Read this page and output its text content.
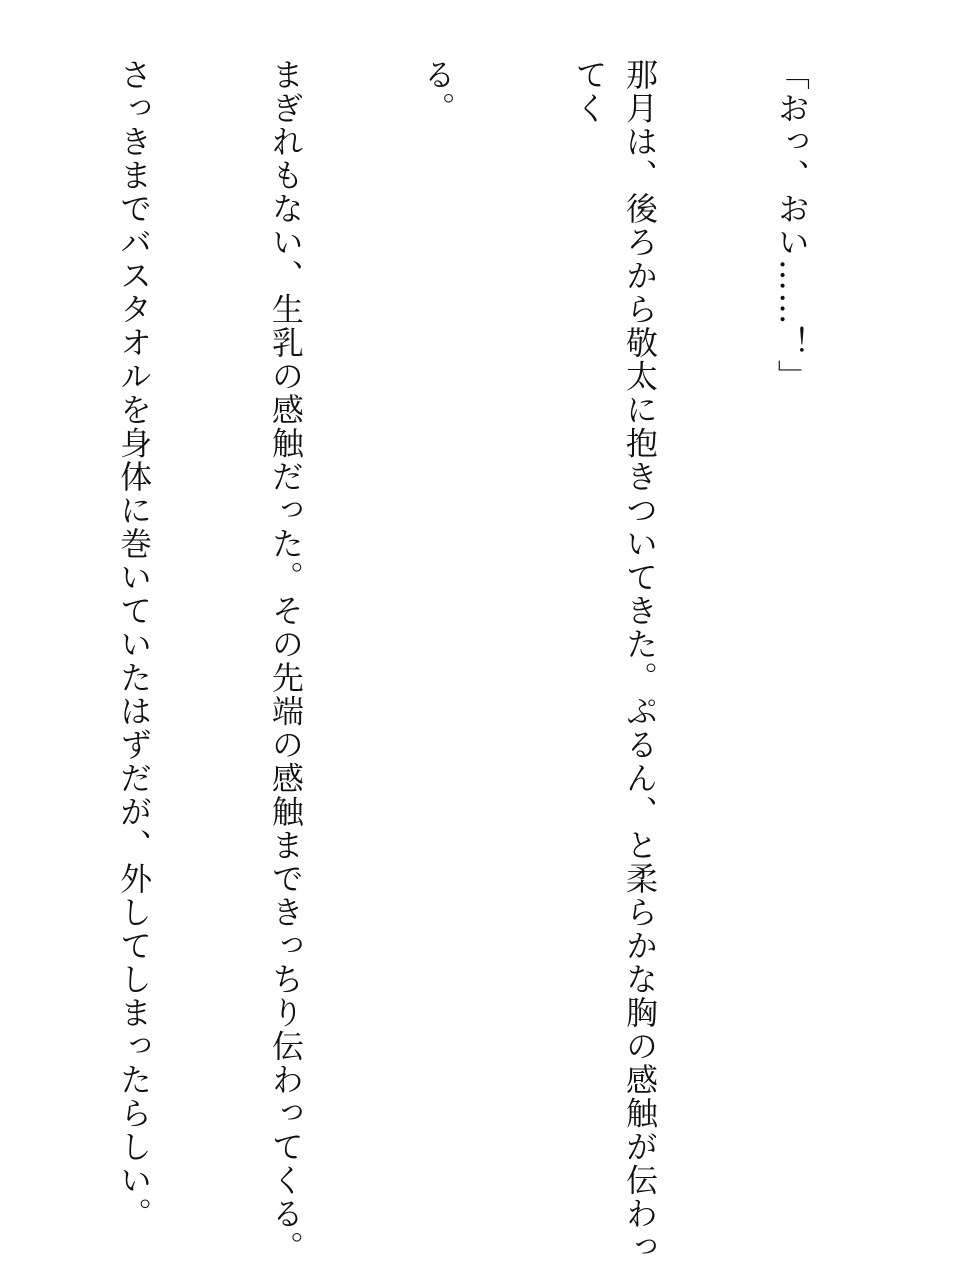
「おっ、おい……！」

那月は、後ろから敬太に抱きついてきた。ぷるん、と柔らかな胸の感触が伝わってく

る。

まぎれもない、生乳の感触だった。その先端の感触まできっちり伝わってくる。

さっきまでバスタオルを身体に巻いていたはずだが、外してしまったらしい。
